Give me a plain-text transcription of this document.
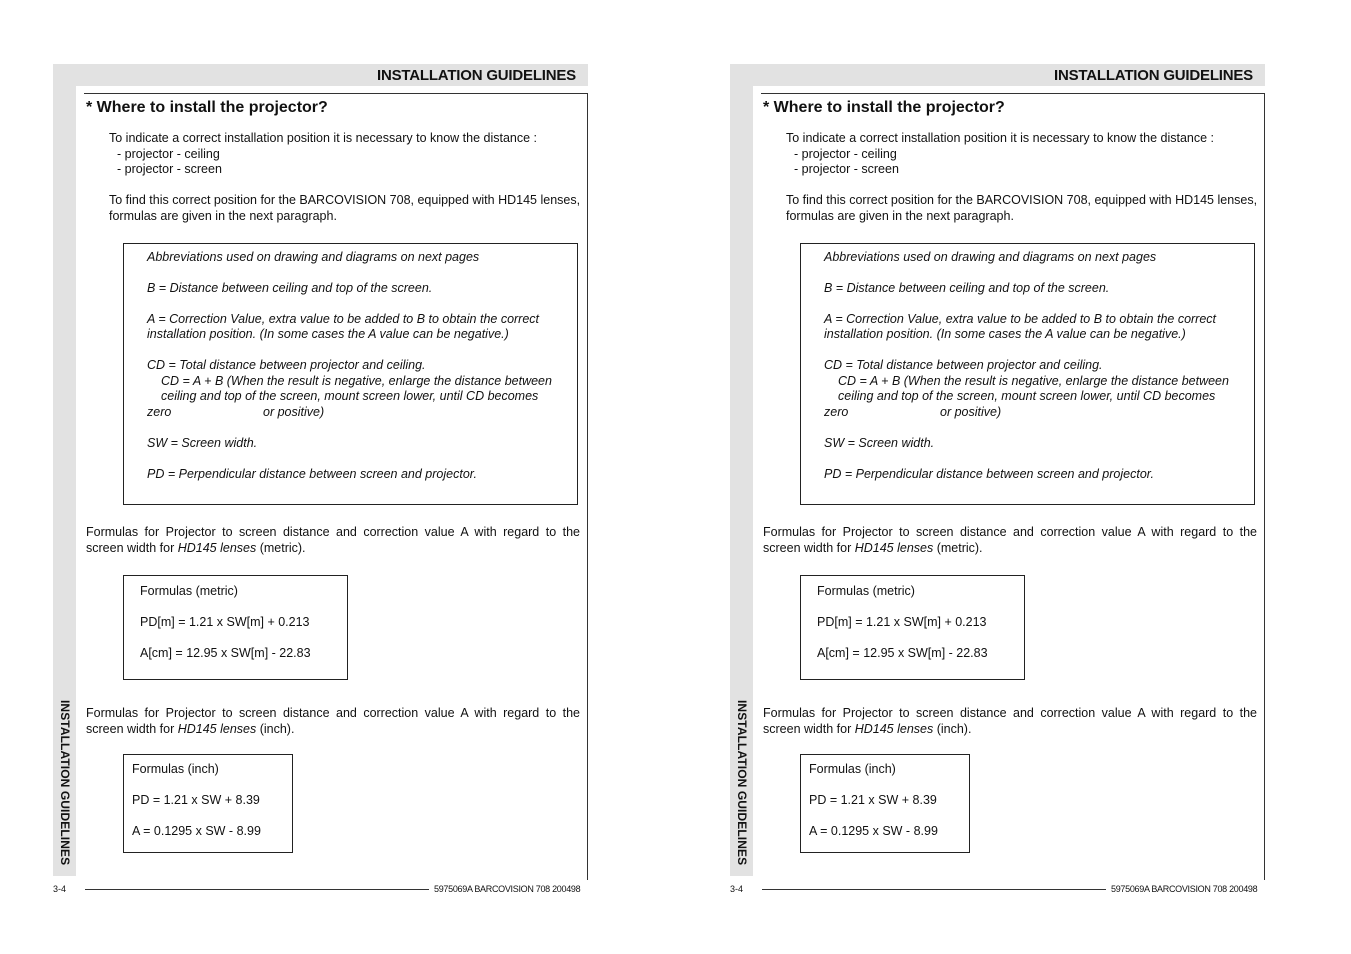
INSTALLATION GUIDELINES
INSTALLATION GUIDELINES
* Where to install the projector?
To indicate a correct installation position it is necessary to know the distance :
- projector - ceiling
- projector - screen
To find this correct position for the BARCOVISION 708, equipped with HD145 lenses, formulas are given in the next paragraph.
Abbreviations used on drawing and diagrams on next pages
B = Distance between ceiling and top of the screen.
A = Correction Value, extra value to be added to B to obtain the correct
installation position. (In some cases the A value can be negative.)
CD = Total distance between projector and ceiling.
CD = A + B (When the result is negative, enlarge the distance between
ceiling and top of the screen, mount screen lower, until CD becomes
zero	or positive)
SW = Screen width.
PD = Perpendicular distance between screen and projector.
Formulas for Projector to screen distance and correction value A with regard to the screen width for HD145 lenses (metric).
Formulas (metric)
PD[m] = 1.21 x SW[m] + 0.213
A[cm] = 12.95 x SW[m] - 22.83
Formulas for Projector to screen distance and correction value A with regard to the screen width for HD145 lenses (inch).
Formulas (inch)
PD = 1.21 x SW + 8.39
A = 0.1295 x SW - 8.99
3-4	5975069A BARCOVISION 708 200498
INSTALLATION GUIDELINES
INSTALLATION GUIDELINES
* Where to install the projector?
To indicate a correct installation position it is necessary to know the distance :
- projector - ceiling
- projector - screen
To find this correct position for the BARCOVISION 708, equipped with HD145 lenses, formulas are given in the next paragraph.
Abbreviations used on drawing and diagrams on next pages
B = Distance between ceiling and top of the screen.
A = Correction Value, extra value to be added to B to obtain the correct
installation position. (In some cases the A value can be negative.)
CD = Total distance between projector and ceiling.
CD = A + B (When the result is negative, enlarge the distance between
ceiling and top of the screen, mount screen lower, until CD becomes
zero	or positive)
SW = Screen width.
PD = Perpendicular distance between screen and projector.
Formulas for Projector to screen distance and correction value A with regard to the screen width for HD145 lenses (metric).
Formulas (metric)
PD[m] = 1.21 x SW[m] + 0.213
A[cm] = 12.95 x SW[m] - 22.83
Formulas for Projector to screen distance and correction value A with regard to the screen width for HD145 lenses (inch).
Formulas (inch)
PD = 1.21 x SW + 8.39
A = 0.1295 x SW - 8.99
3-4	5975069A BARCOVISION 708 200498
